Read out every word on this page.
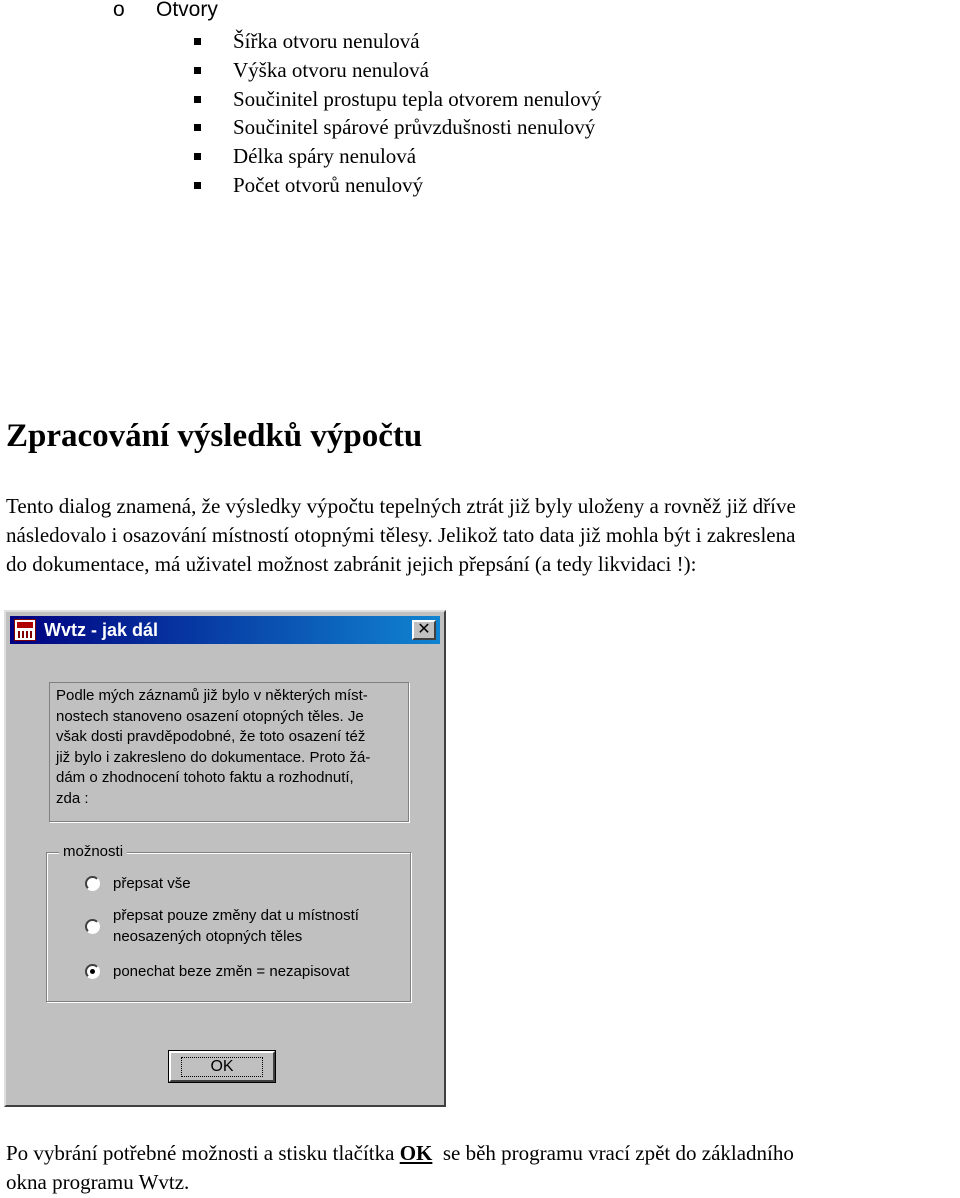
o Otvory
Šířka otvoru nenulová
Výška otvoru nenulová
Součinitel prostupu tepla otvorem nenulový
Součinitel spárové průvzdušnosti nenulový
Délka spáry nenulová
Počet otvorů nenulový
Zpracování výsledků výpočtu
Tento dialog znamená, že výsledky výpočtu tepelných ztrát již byly uloženy a rovněž již dříve
následovalo i osazování místností otopnými tělesy. Jelikož tato data již mohla být i zakreslena
do dokumentace, má uživatel možnost zabránit jejich přepsání (a tedy likvidaci !):
Wvtz - jak dál	✕
Podle mých záznamů již bylo v některých míst-
nostech stanoveno osazení otopných těles. Je
však dosti pravděpodobné, že toto osazení též
již bylo i zakresleno do dokumentace. Proto žá-
dám o zhodnocení tohoto faktu a rozhodnutí,
zda :
možnosti
přepsat vše
přepsat pouze změny dat u místností
neosazených otopných těles
ponechat beze změn = nezapisovat
OK
Po vybrání potřebné možnosti a stisku tlačítka OK  se běh programu vrací zpět do základního
okna programu Wvtz.
